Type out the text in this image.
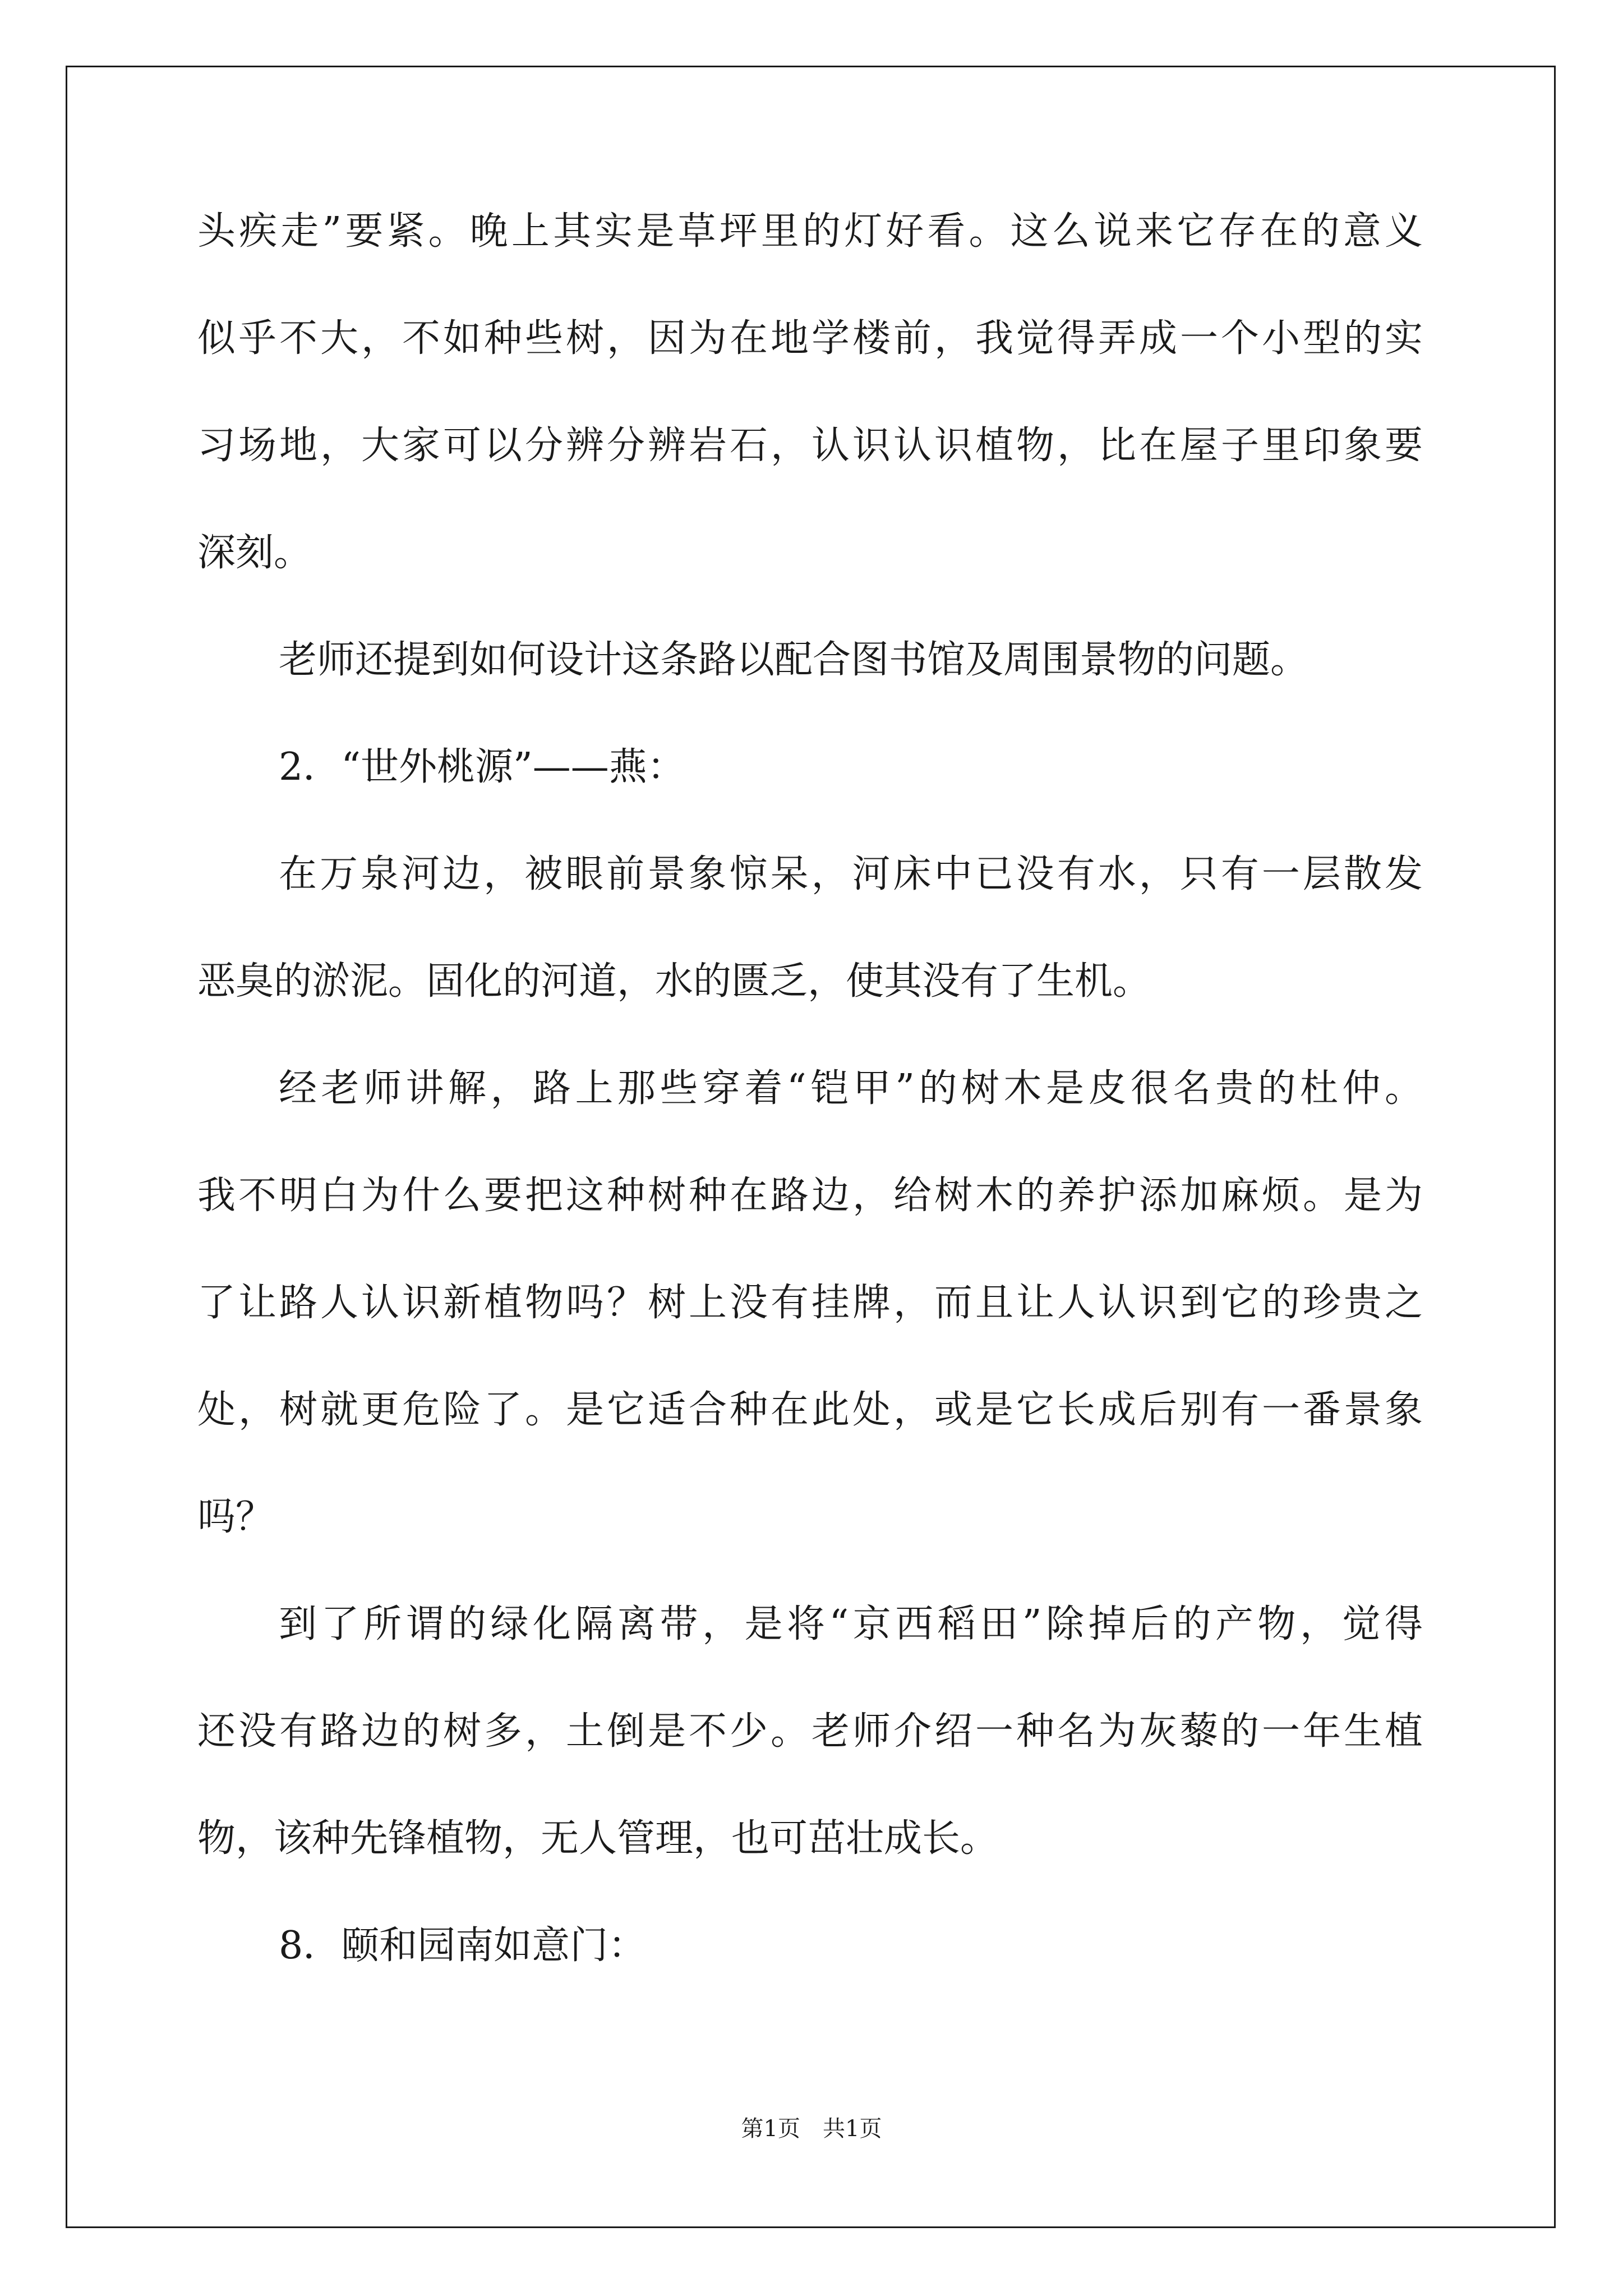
头疾走”要紧。晚上其实是草坪里的灯好看。这么说来它存在的意义
似乎不大，不如种些树，因为在地学楼前，我觉得弄成一个小型的实
习场地，大家可以分辨分辨岩石，认识认识植物，比在屋子里印象要
深刻。
老师还提到如何设计这条路以配合图书馆及周围景物的问题。
2．“世外桃源”——燕：
在万泉河边，被眼前景象惊呆，河床中已没有水，只有一层散发
恶臭的淤泥。固化的河道，水的匮乏，使其没有了生机。
经老师讲解，路上那些穿着“铠甲”的树木是皮很名贵的杜仲。
我不明白为什么要把这种树种在路边，给树木的养护添加麻烦。是为
了让路人认识新植物吗？树上没有挂牌，而且让人认识到它的珍贵之
处，树就更危险了。是它适合种在此处，或是它长成后别有一番景象
吗？
到了所谓的绿化隔离带，是将“京西稻田”除掉后的产物，觉得
还没有路边的树多，土倒是不少。老师介绍一种名为灰藜的一年生植
物，该种先锋植物，无人管理，也可茁壮成长。
8．颐和园南如意门：
第1页　共1页
